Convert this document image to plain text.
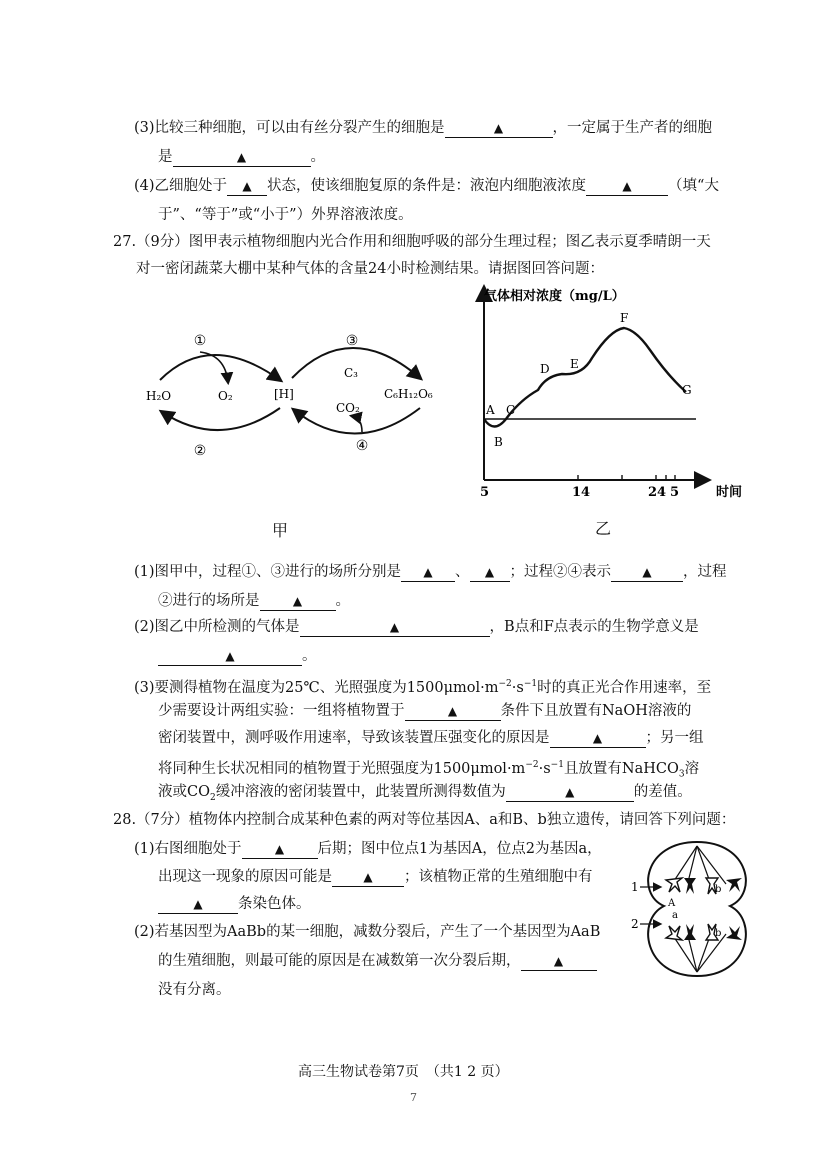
(3)比较三种细胞，可以由有丝分裂产生的细胞是	▲	，一定属于生产者的细胞
是	▲	。
(4)乙细胞处于 ▲ 状态，使该细胞复原的条件是：液泡内细胞液浓度	▲	（填“大
于”、“等于”或“小于”）外界溶液浓度。
27.（9分）图甲表示植物细胞内光合作用和细胞呼吸的部分生理过程；图乙表示夏季晴朗一天
对一密闭蔬菜大棚中某种气体的含量24小时检测结果。请据图回答问题：
①
②
③
④
H₂O	O₂	[H]
C₃
CO₂
C₆H₁₂O₆
甲
气体相对浓度（mg/L）
时间
5	14	24 5
A
B
C
D E
F
G
乙
(1)图甲中，过程①、③进行的场所分别是 ▲ 、 ▲ ；过程②④表示	▲ ，过程
②进行的场所是	▲ 。
(2)图乙中所检测的气体是	▲	，B点和F点表示的生物学意义是
▲	。
(3)要测得植物在温度为25℃、光照强度为$1500\mu mol\cdot m^{-2}\cdot s^{-1}$时的真正光合作用速率，至
少需要设计两组实验：一组将植物置于	▲	条件下且放置有NaOH溶液的
密闭装置中，测呼吸作用速率，导致该装置压强变化的原因是	▲	；另一组
将同种生长状况相同的植物置于光照强度为$1500\mu mol\cdot m^{-2}\cdot s^{-1}$且放置有NaHCO$_3$溶
液或$CO_2$缓冲溶液的密闭装置中，此装置所测得数值为	▲	的差值。
28.（7分）植物体内控制合成某种色素的两对等位基因A、a和B、b独立遗传，请回答下列问题：
(1)右图细胞处于	▲ 后期；图中位点1为基因A，位点2为基因a，
出现这一现象的原因可能是	▲ ；该植物正常的生殖细胞中有
▲ 条染色体。
(2)若基因型为AaBb的某一细胞，减数分裂后，产生了一个基因型为AaB
的生殖细胞，则最可能的原因是在减数第一次分裂后期，	▲
没有分离。
1
2
A
a
b
b
高三生物试卷第7页　（共1 2 页）
7
